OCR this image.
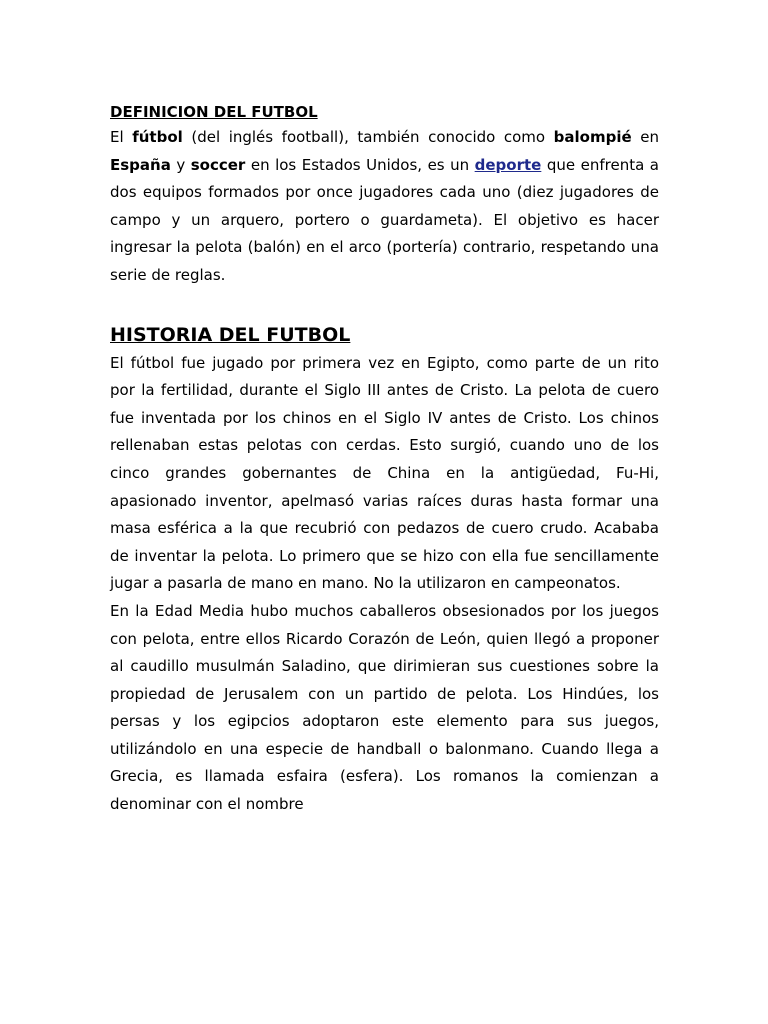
DEFINICION DEL FUTBOL

El fútbol (del inglés football), también conocido como balompié en España y soccer en los Estados Unidos, es un deporte que enfrenta a dos equipos formados por once jugadores cada uno (diez jugadores de campo y un arquero, portero o guardameta). El objetivo es hacer ingresar la pelota (balón) en el arco (portería) contrario, respetando una serie de reglas.

HISTORIA DEL FUTBOL

El fútbol fue jugado por primera vez en Egipto, como parte de un rito por la fertilidad, durante el Siglo III antes de Cristo. La pelota de cuero fue inventada por los chinos en el Siglo IV antes de Cristo. Los chinos rellenaban estas pelotas con cerdas. Esto surgió, cuando uno de los cinco grandes gobernantes de China en la antigüedad, Fu-Hi, apasionado inventor, apelmasó varias raíces duras hasta formar una masa esférica a la que recubrió con pedazos de cuero crudo. Acababa de inventar la pelota. Lo primero que se hizo con ella fue sencillamente jugar a pasarla de mano en mano. No la utilizaron en campeonatos.

En la Edad Media hubo muchos caballeros obsesionados por los juegos con pelota, entre ellos Ricardo Corazón de León, quien llegó a proponer al caudillo musulmán Saladino, que dirimieran sus cuestiones sobre la propiedad de Jerusalem con un partido de pelota. Los Hindúes, los persas y los egipcios adoptaron este elemento para sus juegos, utilizándolo en una especie de handball o balonmano. Cuando llega a Grecia, es llamada esfaira (esfera). Los romanos la comienzan a denominar con el nombre
